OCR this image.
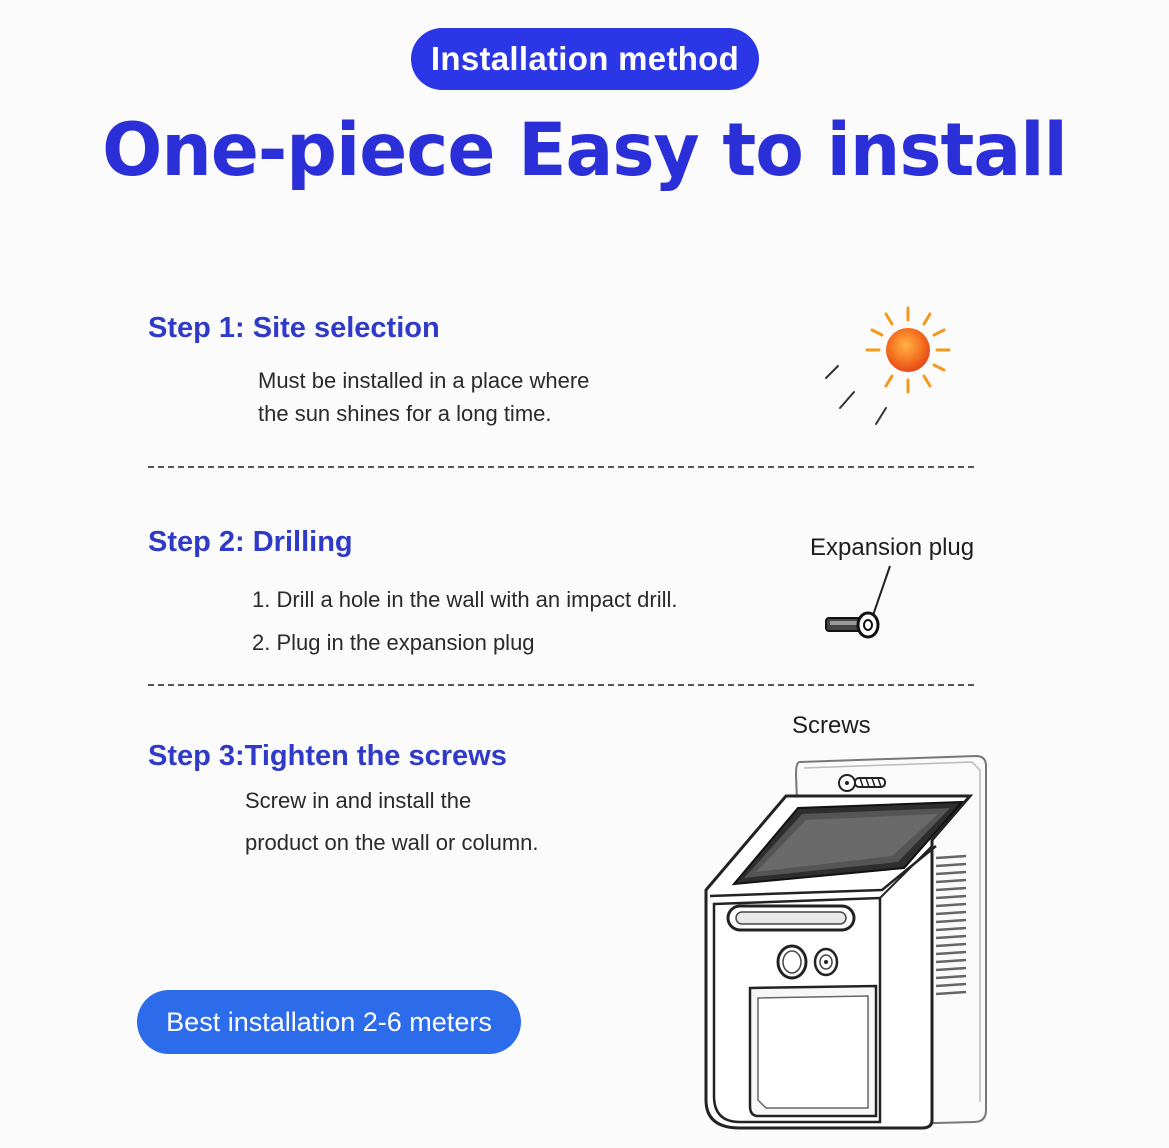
Installation method
One-piece Easy to install
Step 1: Site selection
Must be installed in a place where
the sun shines for a long time.
Step 2: Drilling
1. Drill a hole in the wall with an impact drill.
2. Plug in the expansion plug
Expansion plug
Step 3:Tighten the screws
Screw in and install the
product on the wall or column.
Screws
Best installation 2-6 meters
